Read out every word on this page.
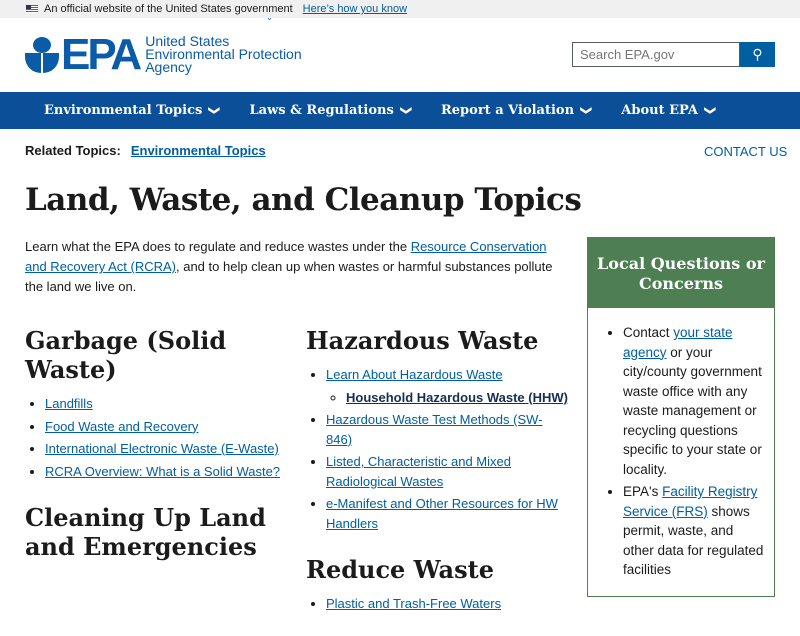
An official website of the United States government Here’s how you know
⌄
EPA United States
Environmental Protection
Agency
Search EPA.gov
⚲
Environmental Topics ❯ Laws & Regulations ❯ Report a Violation ❯ About EPA ❯
Related Topics: Environmental Topics	CONTACT US
Land, Waste, and Cleanup Topics

Learn what the EPA does to regulate and reduce wastes under the Resource Conservation and Recovery Act (RCRA), and to help clean up when wastes or harmful substances pollute the land we live on.

Garbage (Solid Waste)
• Landfills
• Food Waste and Recovery
• International Electronic Waste (E-Waste)
• RCRA Overview: What is a Solid Waste?
Cleaning Up Land and Emergencies
Hazardous Waste
• Learn About Hazardous Waste
◦ Household Hazardous Waste (HHW)
• Hazardous Waste Test Methods (SW-846)
• Listed, Characteristic and Mixed Radiological Wastes
• e-Manifest and Other Resources for HW Handlers
Reduce Waste
• Plastic and Trash-Free Waters
Local Questions or Concerns
• Contact your state agency or your city/county government waste office with any waste management or recycling questions specific to your state or locality.
• EPA's Facility Registry Service (FRS) shows permit, waste, and other data for regulated facilities
